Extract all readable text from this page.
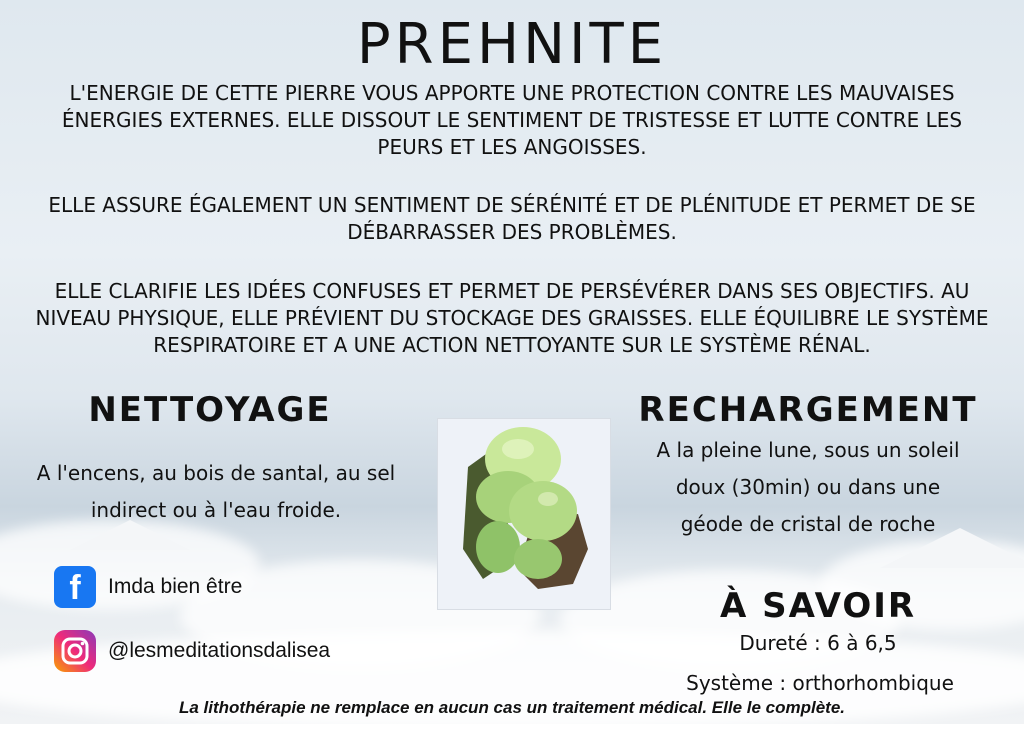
PREHNITE

L'ENERGIE DE CETTE PIERRE VOUS APPORTE UNE PROTECTION CONTRE LES MAUVAISES ÉNERGIES EXTERNES. ELLE DISSOUT LE SENTIMENT DE TRISTESSE ET LUTTE CONTRE LES PEURS ET LES ANGOISSES.

ELLE ASSURE ÉGALEMENT UN SENTIMENT DE SÉRÉNITÉ ET DE PLÉNITUDE ET PERMET DE SE DÉBARRASSER DES PROBLÈMES.

ELLE CLARIFIE LES IDÉES CONFUSES ET PERMET DE PERSÉVÉRER DANS SES OBJECTIFS. AU NIVEAU PHYSIQUE, ELLE PRÉVIENT DU STOCKAGE DES GRAISSES. ELLE ÉQUILIBRE LE SYSTÈME RESPIRATOIRE ET A UNE ACTION NETTOYANTE SUR LE SYSTÈME RÉNAL.

NETTOYAGE

A l'encens, au bois de santal, au sel indirect ou à l'eau froide.

RECHARGEMENT

A la pleine lune, sous un soleil doux (30min) ou dans une géode de cristal de roche

À SAVOIR

Dureté : 6 à 6,5

Système : orthorhombique

f	Imda bien être
@lesmeditationsdalisea

La lithothérapie ne remplace en aucun cas un traitement médical. Elle le complète.
